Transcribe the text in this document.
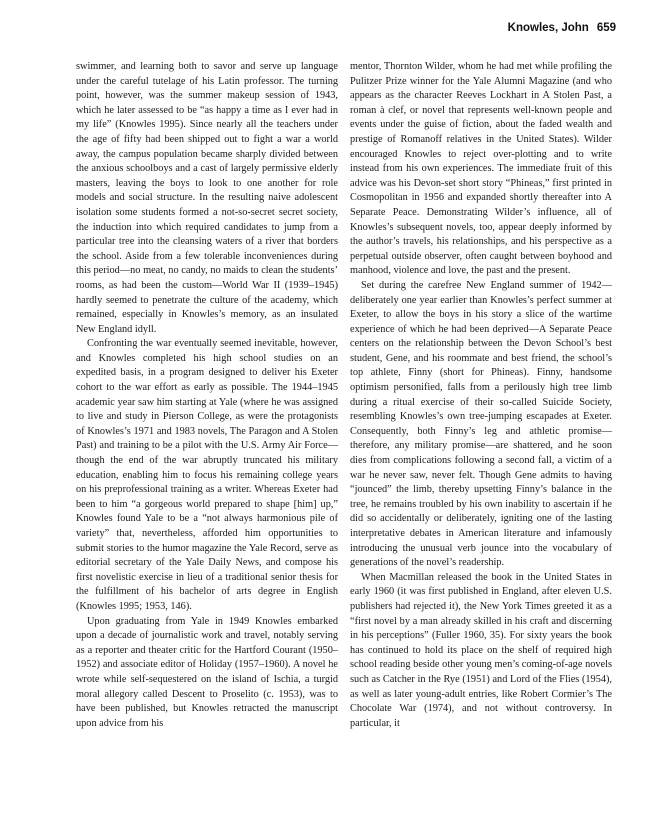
Knowles, John 659

swimmer, and learning both to savor and serve up language under the careful tutelage of his Latin professor. The turning point, however, was the summer makeup session of 1943, which he later assessed to be “as happy a time as I ever had in my life” (Knowles 1995). Since nearly all the teachers under the age of fifty had been shipped out to fight a war a world away, the campus population became sharply divided between the anxious schoolboys and a cast of largely permissive elderly masters, leaving the boys to look to one another for role models and social structure. In the resulting naive adolescent isolation some students formed a not-so-secret secret society, the induction into which required candidates to jump from a particular tree into the cleansing waters of a river that borders the school. Aside from a few tolerable inconveniences during this period—no meat, no candy, no maids to clean the students’ rooms, as had been the custom—World War II (1939–1945) hardly seemed to penetrate the culture of the academy, which remained, especially in Knowles’s memory, as an insulated New England idyll.

Confronting the war eventually seemed inevitable, however, and Knowles completed his high school studies on an expedited basis, in a program designed to deliver his Exeter cohort to the war effort as early as possible. The 1944–1945 academic year saw him starting at Yale (where he was assigned to live and study in Pierson College, as were the protagonists of Knowles’s 1971 and 1983 novels, The Paragon and A Stolen Past) and training to be a pilot with the U.S. Army Air Force—though the end of the war abruptly truncated his military education, enabling him to focus his remaining college years on his preprofessional training as a writer. Whereas Exeter had been to him “a gorgeous world prepared to shape [him] up,” Knowles found Yale to be a “not always harmonious pile of variety” that, nevertheless, afforded him opportunities to submit stories to the humor magazine the Yale Record, serve as editorial secretary of the Yale Daily News, and compose his first novelistic exercise in lieu of a traditional senior thesis for the fulfillment of his bachelor of arts degree in English (Knowles 1995; 1953, 146).

Upon graduating from Yale in 1949 Knowles embarked upon a decade of journalistic work and travel, notably serving as a reporter and theater critic for the Hartford Courant (1950–1952) and associate editor of Holiday (1957–1960). A novel he wrote while self-sequestered on the island of Ischia, a turgid moral allegory called Descent to Proselito (c. 1953), was to have been published, but Knowles retracted the manuscript upon advice from his

mentor, Thornton Wilder, whom he had met while profiling the Pulitzer Prize winner for the Yale Alumni Magazine (and who appears as the character Reeves Lockhart in A Stolen Past, a roman à clef, or novel that represents well-known people and events under the guise of fiction, about the faded wealth and prestige of Romanoff relatives in the United States). Wilder encouraged Knowles to reject over-plotting and to write instead from his own experiences. The immediate fruit of this advice was his Devon-set short story “Phineas,” first printed in Cosmopolitan in 1956 and expanded shortly thereafter into A Separate Peace. Demonstrating Wilder’s influence, all of Knowles’s subsequent novels, too, appear deeply informed by the author’s travels, his relationships, and his perspective as a perpetual outside observer, often caught between boyhood and manhood, violence and love, the past and the present.

Set during the carefree New England summer of 1942—deliberately one year earlier than Knowles’s perfect summer at Exeter, to allow the boys in his story a slice of the wartime experience of which he had been deprived—A Separate Peace centers on the relationship between the Devon School’s best student, Gene, and his roommate and best friend, the school’s top athlete, Finny (short for Phineas). Finny, handsome optimism personified, falls from a perilously high tree limb during a ritual exercise of their so-called Suicide Society, resembling Knowles’s own tree-jumping escapades at Exeter. Consequently, both Finny’s leg and athletic promise—therefore, any military promise—are shattered, and he soon dies from complications following a second fall, a victim of a war he never saw, never felt. Though Gene admits to having “jounced” the limb, thereby upsetting Finny’s balance in the tree, he remains troubled by his own inability to ascertain if he did so accidentally or deliberately, igniting one of the lasting interpretative debates in American literature and infamously introducing the unusual verb jounce into the vocabulary of generations of the novel’s readership.

When Macmillan released the book in the United States in early 1960 (it was first published in England, after eleven U.S. publishers had rejected it), the New York Times greeted it as a “first novel by a man already skilled in his craft and discerning in his perceptions” (Fuller 1960, 35). For sixty years the book has continued to hold its place on the shelf of required high school reading beside other young men’s coming-of-age novels such as Catcher in the Rye (1951) and Lord of the Flies (1954), as well as later young-adult entries, like Robert Cormier’s The Chocolate War (1974), and not without controversy. In particular, it
